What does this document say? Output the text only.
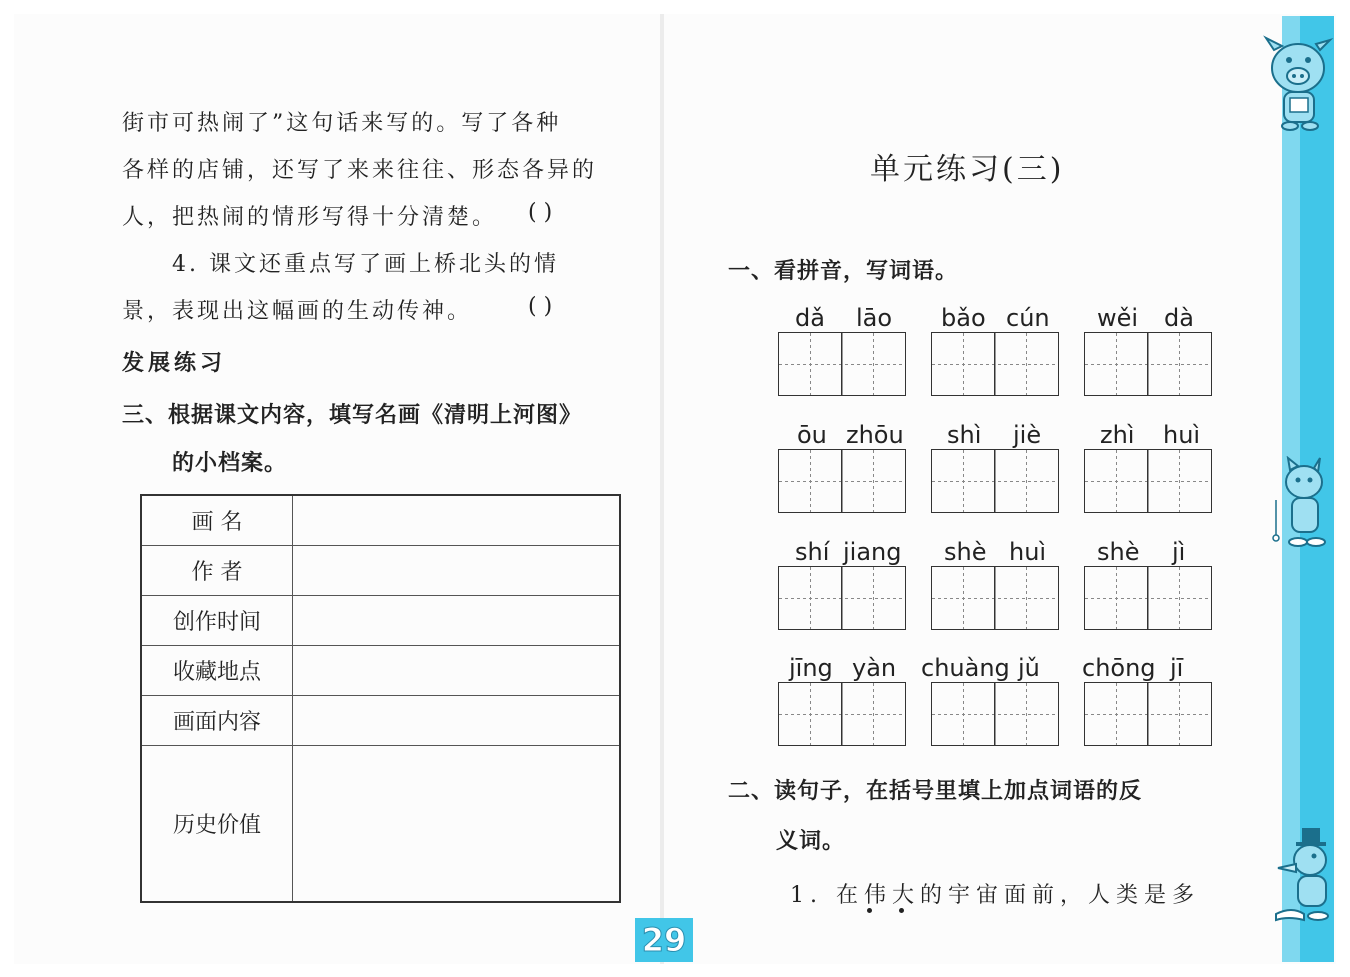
街市可热闹了”这句话来写的。写了各种
各样的店铺，还写了来来往往、形态各异的
人，把热闹的情形写得十分清楚。 ( )
4. 课文还重点写了画上桥北头的情
景，表现出这幅画的生动传神。	( )
发展练习
三、根据课文内容，填写名画《清明上河图》
的小档案。
画 名	
作 者	
创作时间	
收藏地点	
画面内容	
历史价值	
单元练习(三)
一、看拼音，写词语。
dǎ lāo bǎo cún wěi dà
ōu zhōu shì jiè zhì huì
shí jiang shè huì shè jì
jīng yàn chuàng jǔ chōng jī
二、读句子，在括号里填上加点词语的反
义词。
1. 在伟大的宇宙面前，人类是多
29
